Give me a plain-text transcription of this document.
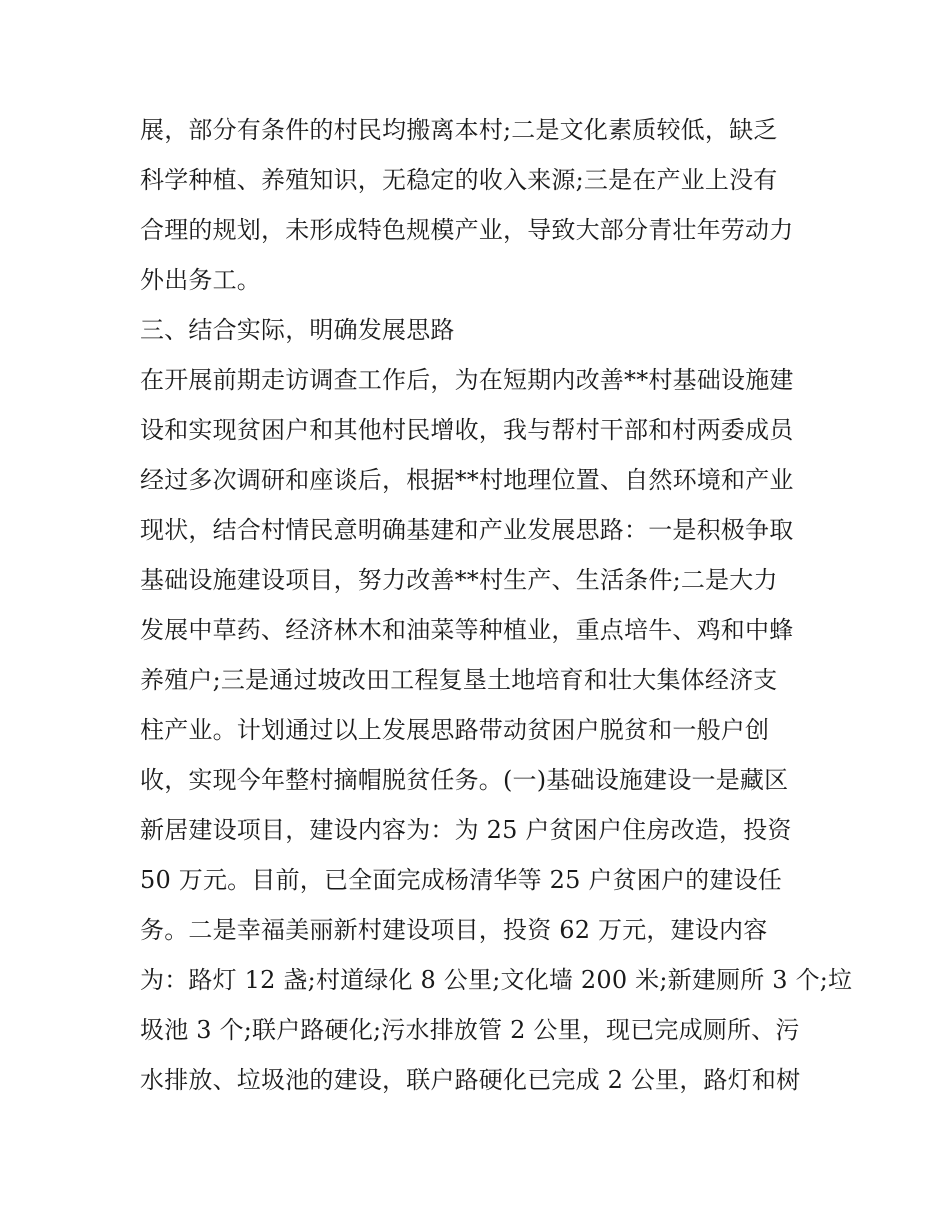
展，部分有条件的村民均搬离本村;二是文化素质较低，缺乏
科学种植、养殖知识，无稳定的收入来源;三是在产业上没有
合理的规划，未形成特色规模产业，导致大部分青壮年劳动力
外出务工。
三、结合实际，明确发展思路
在开展前期走访调查工作后，为在短期内改善**村基础设施建
设和实现贫困户和其他村民增收，我与帮村干部和村两委成员
经过多次调研和座谈后，根据**村地理位置、自然环境和产业
现状，结合村情民意明确基建和产业发展思路：一是积极争取
基础设施建设项目，努力改善**村生产、生活条件;二是大力
发展中草药、经济林木和油菜等种植业，重点培牛、鸡和中蜂
养殖户;三是通过坡改田工程复垦土地培育和壮大集体经济支
柱产业。计划通过以上发展思路带动贫困户脱贫和一般户创
收，实现今年整村摘帽脱贫任务。(一)基础设施建设一是藏区
新居建设项目，建设内容为：为 25 户贫困户住房改造，投资
50 万元。目前，已全面完成杨清华等 25 户贫困户的建设任
务。二是幸福美丽新村建设项目，投资 62 万元，建设内容
为：路灯 12 盏;村道绿化 8 公里;文化墙 200 米;新建厕所 3 个;垃
圾池 3 个;联户路硬化;污水排放管 2 公里，现已完成厕所、污
水排放、垃圾池的建设，联户路硬化已完成 2 公里，路灯和树
